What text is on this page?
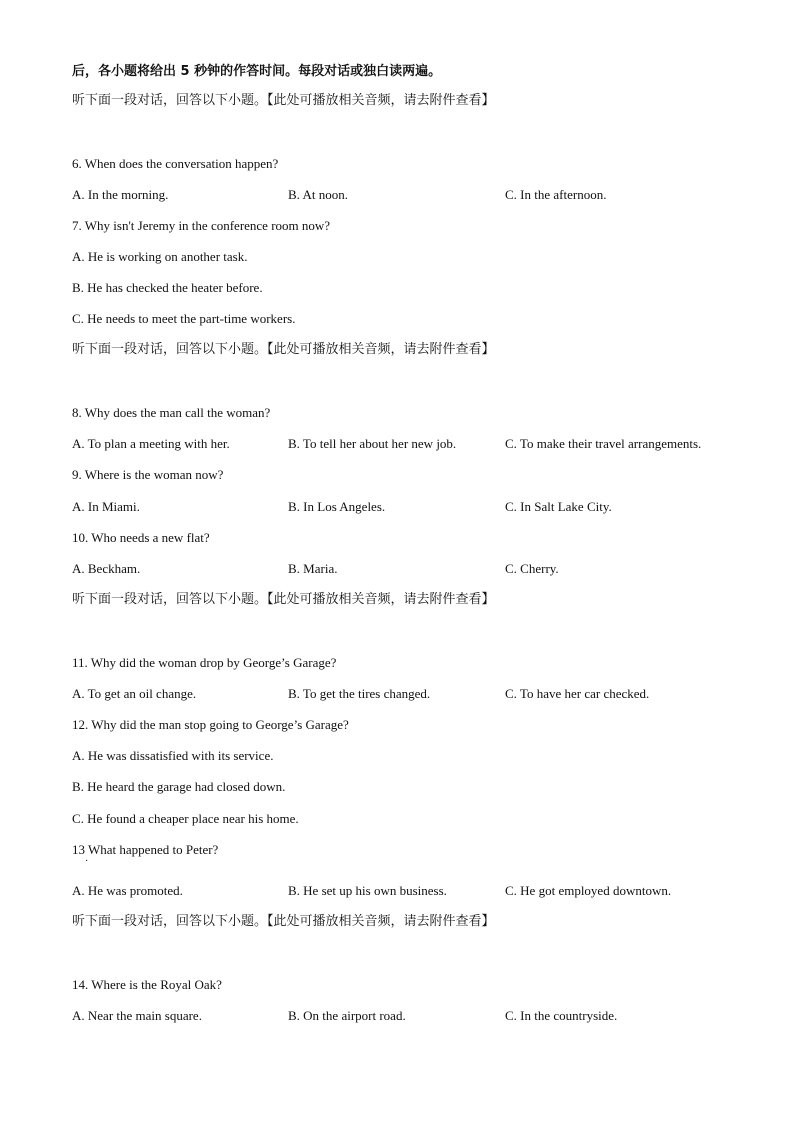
后，各小题将给出 5 秒钟的作答时间。每段对话或独白读两遍。
听下面一段对话，回答以下小题。【此处可播放相关音频，请去附件查看】
6. When does the conversation happen?
A. In the morning.	B. At noon.	C. In the afternoon.
7. Why isn't Jeremy in the conference room now?
A. He is working on another task.
B. He has checked the heater before.
C. He needs to meet the part-time workers.
听下面一段对话，回答以下小题。【此处可播放相关音频，请去附件查看】
8. Why does the man call the woman?
A. To plan a meeting with her.	B. To tell her about her new job.	C. To make their travel arrangements.
9. Where is the woman now?
A. In Miami.	B. In Los Angeles.	C. In Salt Lake City.
10. Who needs a new flat?
A. Beckham.	B. Maria.	C. Cherry.
听下面一段对话，回答以下小题。【此处可播放相关音频，请去附件查看】
11. Why did the woman drop by George’s Garage?
A. To get an oil change.	B. To get the tires changed.	C. To have her car checked.
12. Why did the man stop going to George’s Garage?
A. He was dissatisfied with its service.
B. He heard the garage had closed down.
C. He found a cheaper place near his home.
13 What happened to Peter?
·
A. He was promoted.	B. He set up his own business.	C. He got employed downtown.
听下面一段对话，回答以下小题。【此处可播放相关音频，请去附件查看】
14. Where is the Royal Oak?
A. Near the main square.	B. On the airport road.	C. In the countryside.
